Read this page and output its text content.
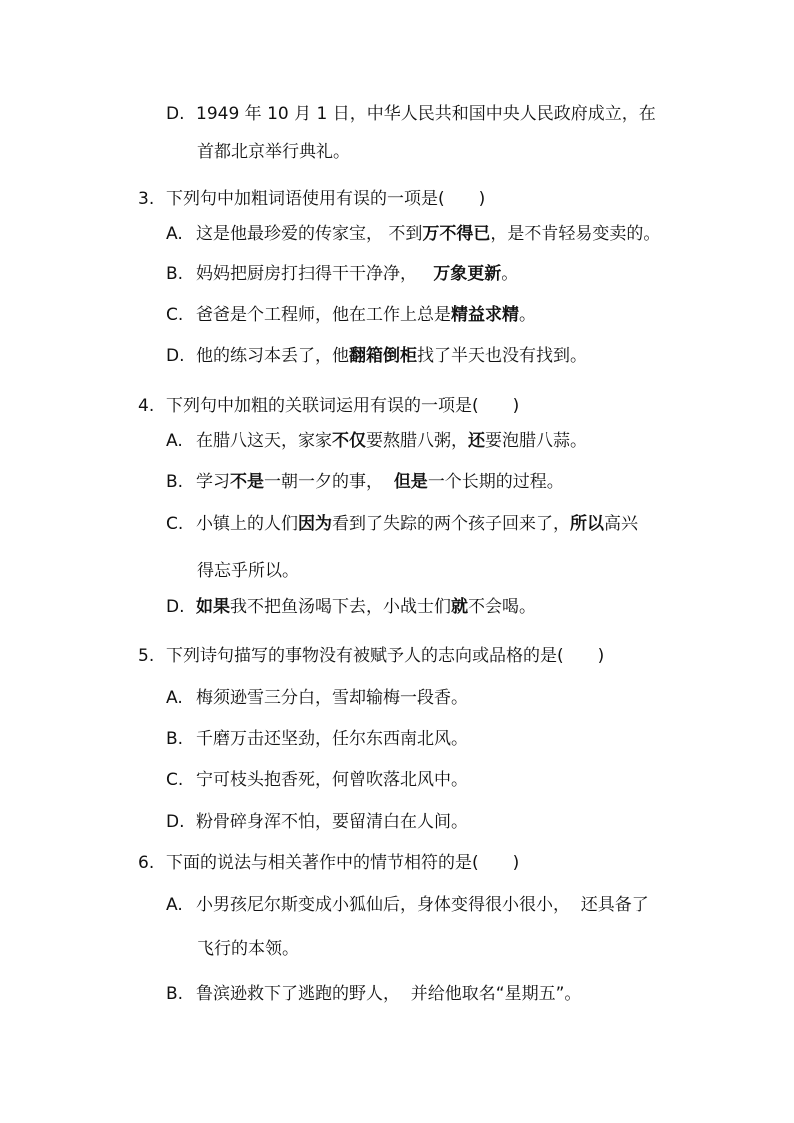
D. 1949 年 10 月 1 日，中华人民共和国中央人民政府成立，在
首都北京举行典礼。
3. 下列句中加粗词语使用有误的一项是(　　)
A. 这是他最珍爱的传家宝， 不到万不得已，是不肯轻易变卖的。
B. 妈妈把厨房打扫得干干净净，   万象更新。
C. 爸爸是个工程师，他在工作上总是精益求精。
D. 他的练习本丢了，他翻箱倒柜找了半天也没有找到。
4. 下列句中加粗的关联词运用有误的一项是(　　)
A. 在腊八这天，家家不仅要熬腊八粥，还要泡腊八蒜。
B. 学习不是一朝一夕的事，  但是一个长期的过程。
C. 小镇上的人们因为看到了失踪的两个孩子回来了，所以高兴
得忘乎所以。
D. 如果我不把鱼汤喝下去，小战士们就不会喝。
5. 下列诗句描写的事物没有被赋予人的志向或品格的是(　　)
A. 梅须逊雪三分白，雪却输梅一段香。
B. 千磨万击还坚劲，任尔东西南北风。
C. 宁可枝头抱香死，何曾吹落北风中。
D. 粉骨碎身浑不怕，要留清白在人间。
6. 下面的说法与相关著作中的情节相符的是(　　)
A. 小男孩尼尔斯变成小狐仙后，身体变得很小很小，  还具备了
飞行的本领。
B. 鲁滨逊救下了逃跑的野人，  并给他取名“星期五”。
